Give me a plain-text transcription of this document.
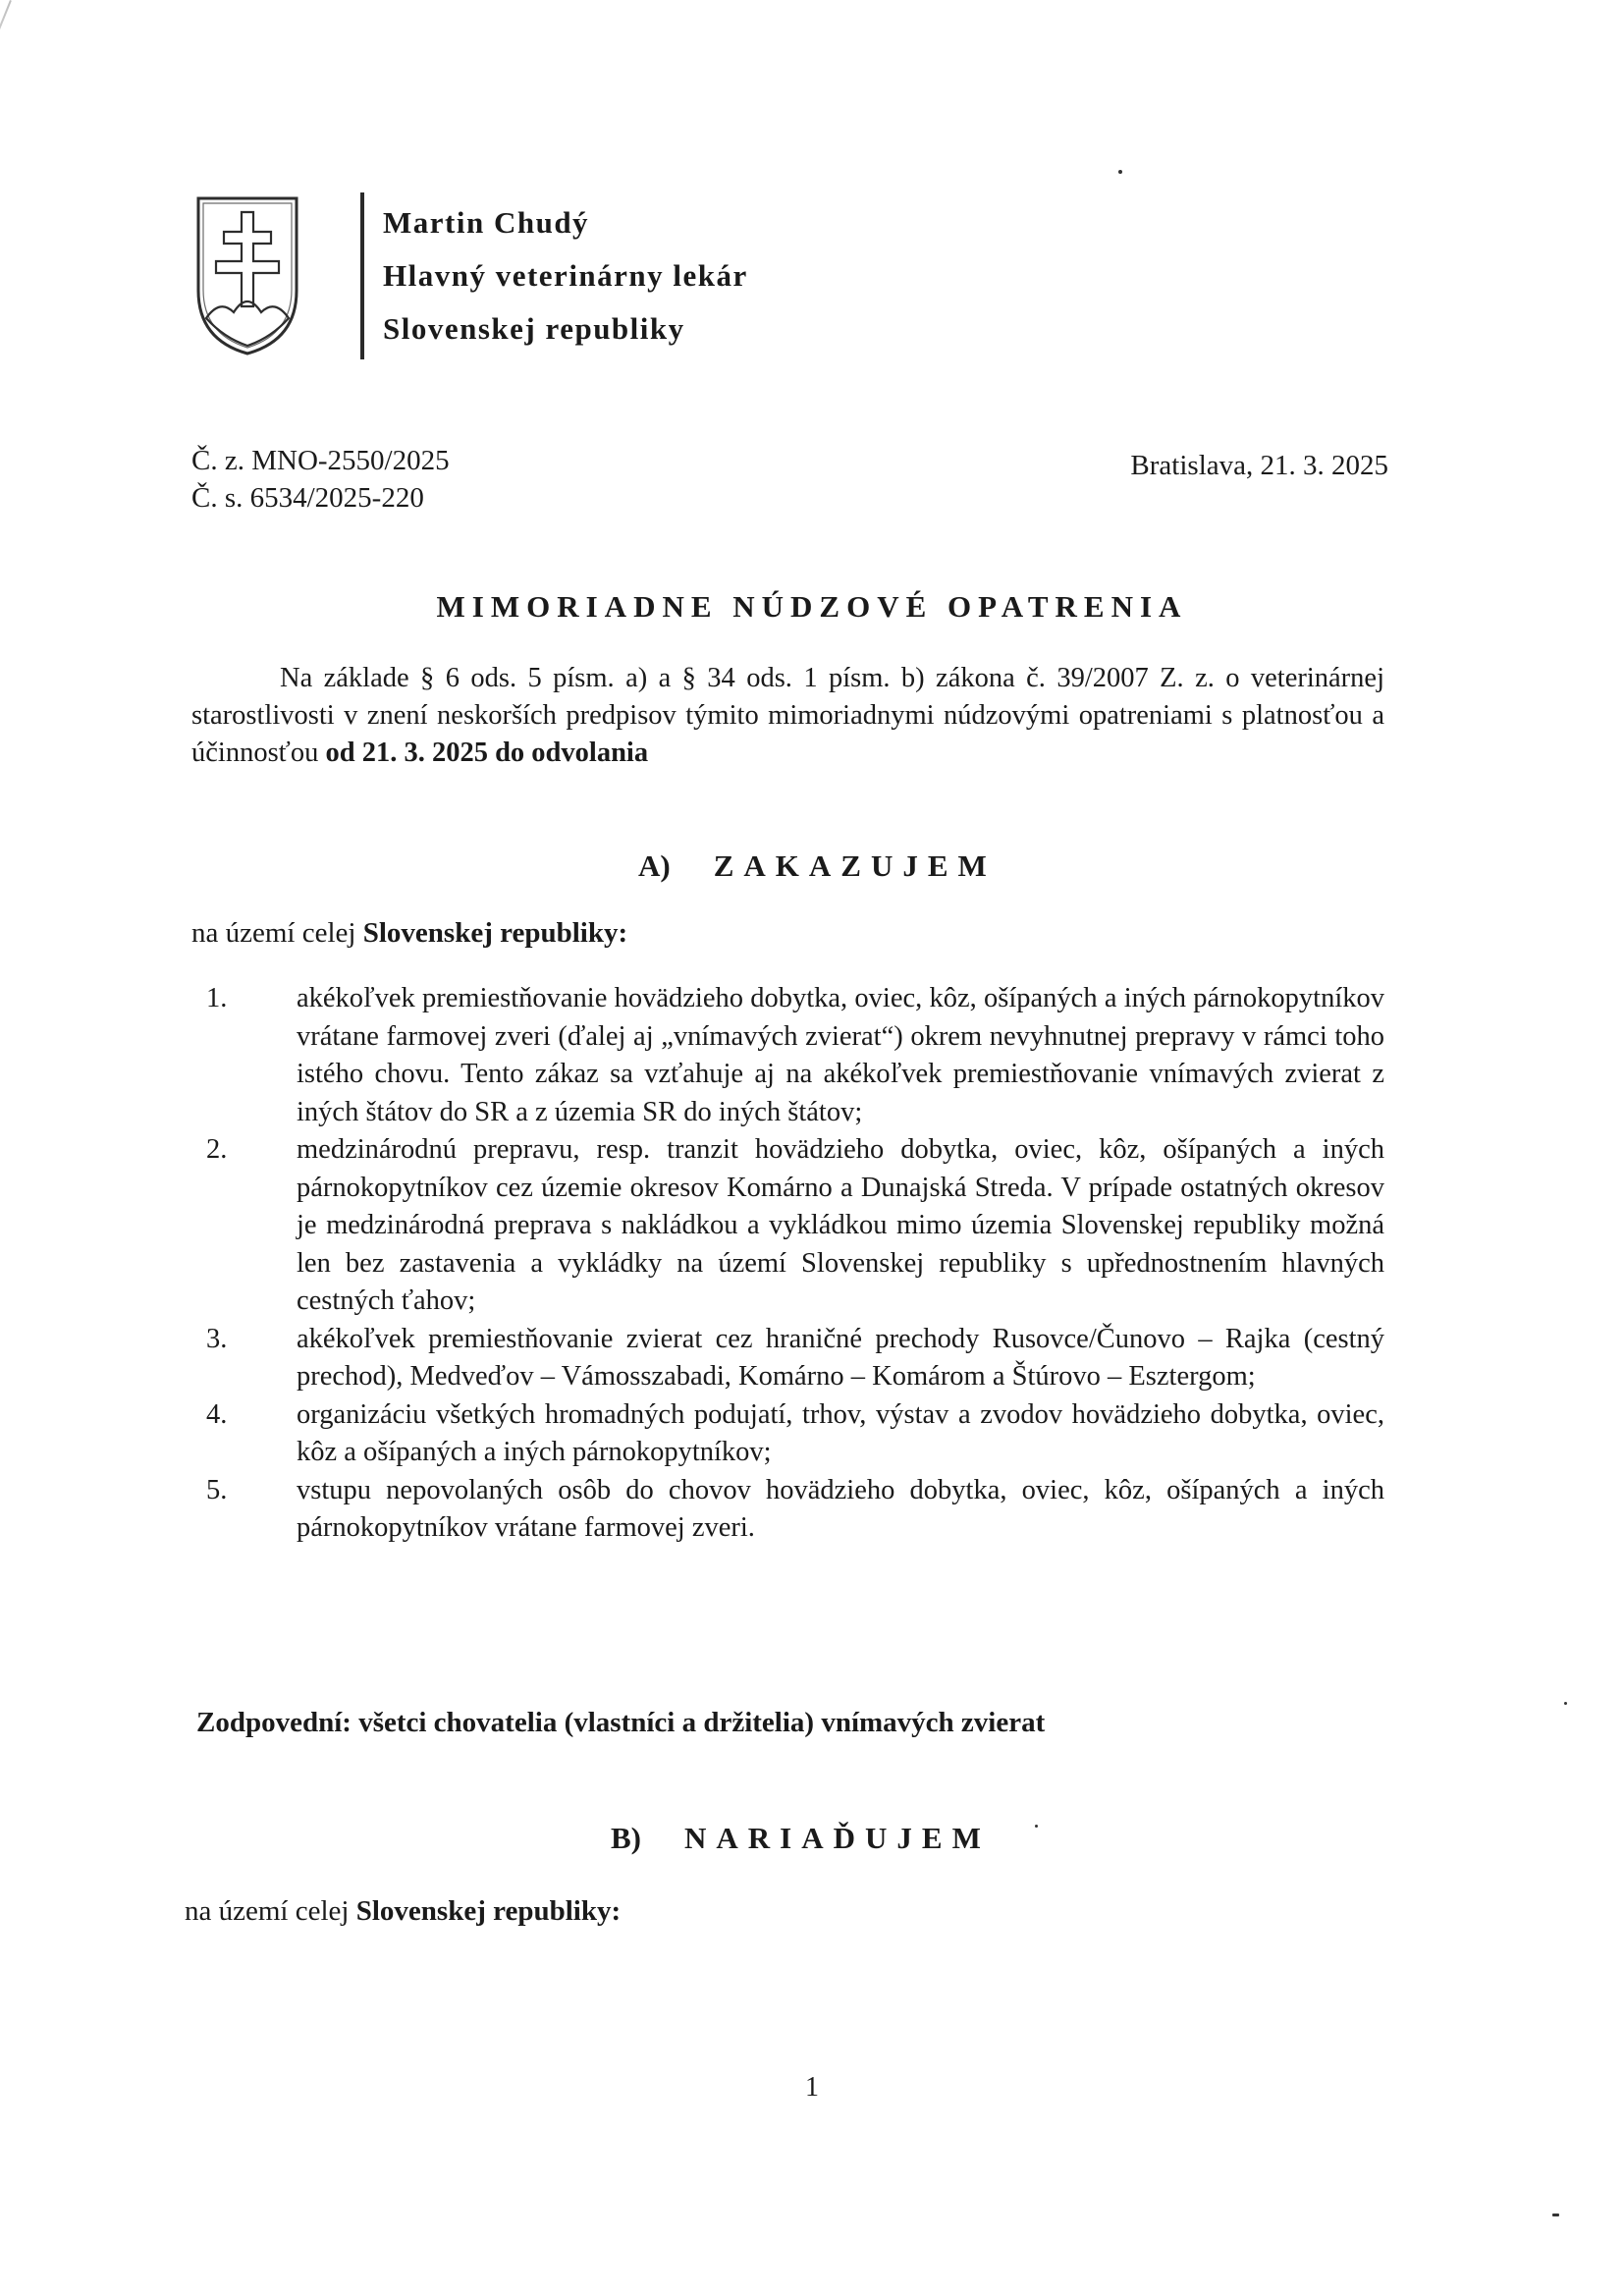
Martin Chudý
Hlavný veterinárny lekár
Slovenskej republiky
Č. z. MNO-2550/2025
Č. s. 6534/2025-220
Bratislava, 21. 3. 2025
MIMORIADNE NÚDZOVÉ OPATRENIA
Na základe § 6 ods. 5 písm. a) a § 34 ods. 1 písm. b) zákona č. 39/2007 Z. z. o veterinárnej starostlivosti v znení neskorších predpisov týmito mimoriadnymi núdzovými opatreniami s platnosťou a účinnosťou od 21. 3. 2025 do odvolania
A) ZAKAZUJEM
na území celej Slovenskej republiky:
1.	akékoľvek premiestňovanie hovädzieho dobytka, oviec, kôz, ošípaných a iných párnokopytníkov vrátane farmovej zveri (ďalej aj „vnímavých zvierat“) okrem nevyhnutnej prepravy v rámci toho istého chovu. Tento zákaz sa vzťahuje aj na akékoľvek premiestňovanie vnímavých zvierat z iných štátov do SR a z územia SR do iných štátov;
2.	medzinárodnú prepravu, resp. tranzit hovädzieho dobytka, oviec, kôz, ošípaných a iných párnokopytníkov cez územie okresov Komárno a Dunajská Streda. V prípade ostatných okresov je medzinárodná preprava s nakládkou a vykládkou mimo územia Slovenskej republiky možná len bez zastavenia a vykládky na území Slovenskej republiky s upřednostnením hlavných cestných ťahov;
3.	akékoľvek premiestňovanie zvierat cez hraničné prechody Rusovce/Čunovo – Rajka (cestný prechod), Medveďov – Vámosszabadi, Komárno – Komárom a Štúrovo – Esztergom;
4.	organizáciu všetkých hromadných podujatí, trhov, výstav a zvodov hovädzieho dobytka, oviec, kôz a ošípaných a iných párnokopytníkov;
5.	vstupu nepovolaných osôb do chovov hovädzieho dobytka, oviec, kôz, ošípaných a iných párnokopytníkov vrátane farmovej zveri.
Zodpovední: všetci chovatelia (vlastníci a držitelia) vnímavých zvierat
B) NARIAĎUJEM
na území celej Slovenskej republiky:
1
